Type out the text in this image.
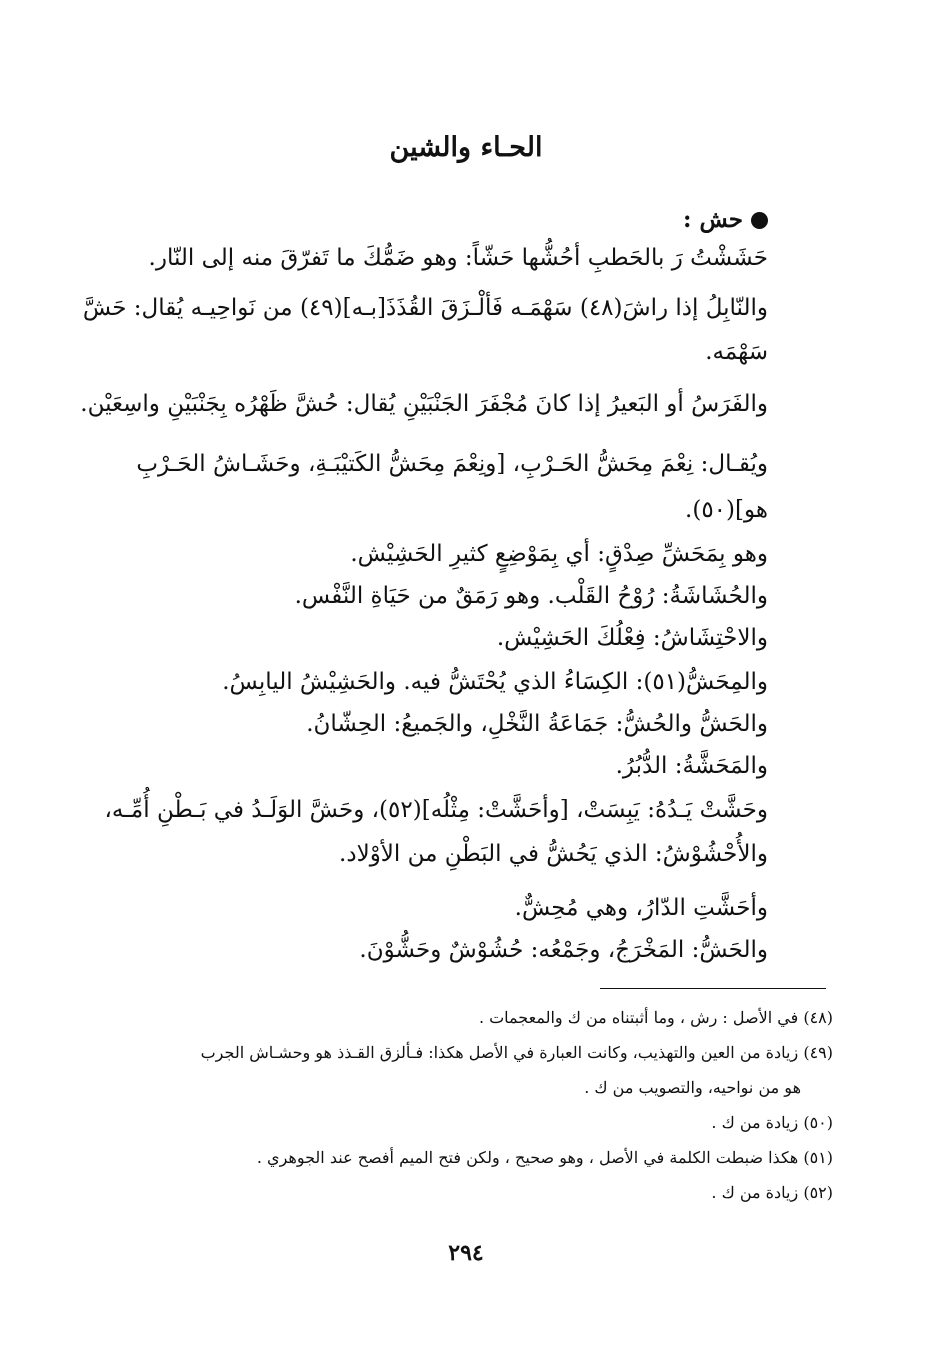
الحـاء والشين
حش :
حَشَشْتُ رَ بالحَطبِ أحُشُّها حَشّاً: وهو ضَمُّكَ ما تَفرّقَ منه إلى النّار.
والنّابِلُ إذا راشَ(٤٨) سَهْمَـه فَألْـزَقَ القُذَذَ[بـه](٤٩) من نَواحِيـه يُقال: حَشَّ
سَهْمَه.
والفَرَسُ أو البَعيرُ إذا كانَ مُجْفَرَ الجَنْبَيْنِ يُقال: حُشَّ ظَهْرُه بِجَنْبَيْنِ واسِعَيْن.
ويُقـال: نِعْمَ مِحَشُّ الحَـرْبِ، [ونِعْمَ مِحَشُّ الكَتيْبَـةِ، وحَشَـاشُ الحَـرْبِ
هو](٥٠).
وهو بِمَحَشِّ صِدْقٍ: أي بِمَوْضِعٍ كثيرِ الحَشِيْش.
والحُشَاشَةُ: رُوْحُ القَلْب. وهو رَمَقٌ من حَيَاةِ النَّفْس.
والاحْتِشَاشُ: فِعْلُكَ الحَشِيْش.
والمِحَشُّ(٥١): الكِسَاءُ الذي يُحْتَشُّ فيه. والحَشِيْشُ اليابِسُ.
والحَشُّ والحُشُّ: جَمَاعَةُ النَّخْلِ، والجَميعُ: الحِشّانُ.
والمَحَشَّةُ: الدُّبُرُ.
وحَشَّتْ يَـدُهُ: يَبِسَتْ، [وأحَشَّتْ: مِثْلُه](٥٢)، وحَشَّ الوَلَـدُ في بَـطْنِ أُمِّـه،
والأُحْشُوْشُ: الذي يَحُشُّ في البَطْنِ من الأوْلاد.
وأحَشَّتِ الدّارُ، وهي مُحِشٌّ.
والحَشُّ: المَخْرَجُ، وجَمْعُه: حُشُوْشٌ وحَشُّوْنَ.
(٤٨) في الأصل : رش ، وما أثبتناه من ك والمعجمات .
(٤٩) زيادة من العين والتهذيب، وكانت العبارة في الأصل هكذا: فـألزق القـذذ هو وحشـاش الجرب
هو من نواحيه، والتصويب من ك .
(٥٠) زيادة من ك .
(٥١) هكذا ضبطت الكلمة في الأصل ، وهو صحيح ، ولكن فتح الميم أفصح عند الجوهري .
(٥٢) زيادة من ك .
٢٩٤
